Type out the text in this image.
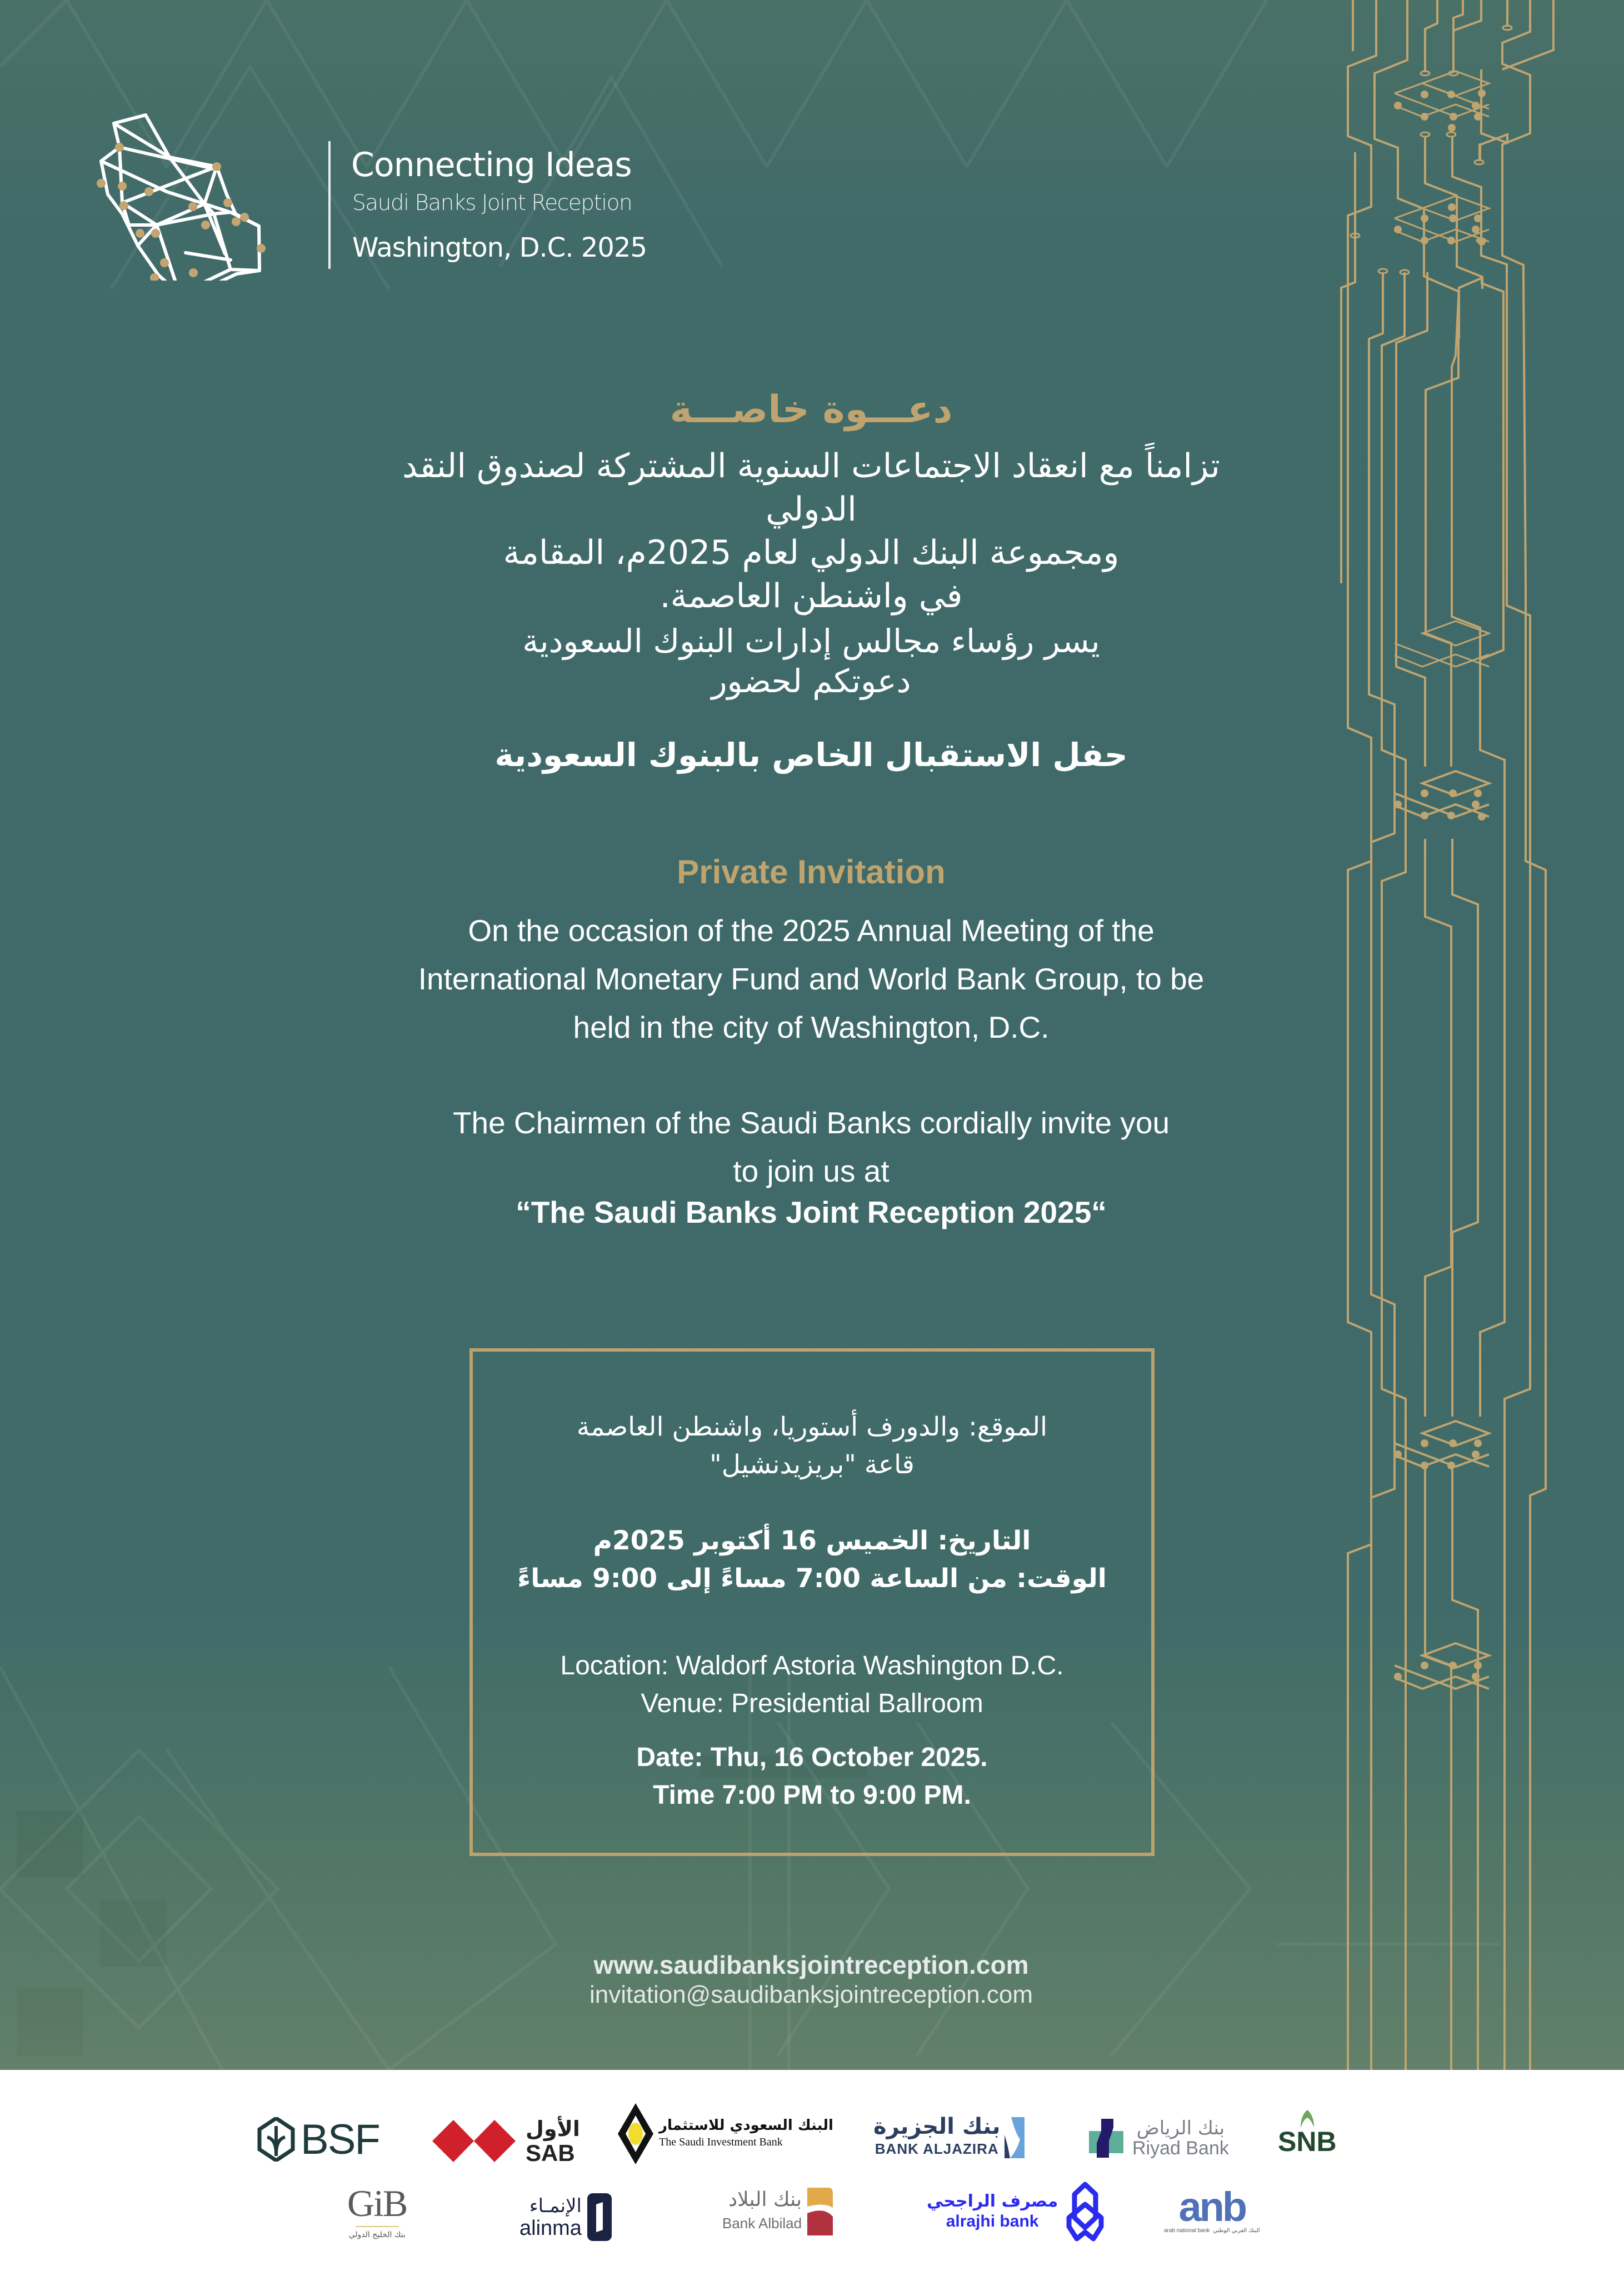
Connecting Ideas
Saudi Banks Joint Reception
Washington, D.C. 2025
دعـــوة خاصـــة
تزامناً مع انعقاد الاجتماعات السنوية المشتركة لصندوق النقد الدولي
ومجموعة البنك الدولي لعام 2025م، المقامة
في واشنطن العاصمة.
يسر رؤساء مجالس إدارات البنوك السعودية
دعوتكم لحضور
حفل الاستقبال الخاص بالبنوك السعودية
Private Invitation
On the occasion of the 2025 Annual Meeting of the
International Monetary Fund and World Bank Group, to be
held in the city of Washington, D.C.
The Chairmen of the Saudi Banks cordially invite you
to join us at
“The Saudi Banks Joint Reception 2025“
الموقع: والدورف أستوريا، واشنطن العاصمة
قاعة "بريزيدنشيل"
التاريخ: الخميس 16 أكتوبر 2025م
الوقت: من الساعة 7:00 مساءً إلى 9:00 مساءً
Location: Waldorf Astoria Washington D.C.
Venue: Presidential Ballroom
Date: Thu, 16 October 2025.
Time 7:00 PM to 9:00 PM.
www.saudibanksjointreception.com
invitation@saudibanksjointreception.com
BSF	الأول
SAB
البنك السعودي للاستثمار
The Saudi Investment Bank
بنك الجزيرة
BANK ALJAZIRA
بنك الرياض
Riyad Bank SNB
GiB
بنك الخليج الدولي
الإنمـاء
alinma
بنك البلاد
Bank Albilad
مصرف الراجحي
alrajhi bank	anb
arab national bank البنك العربي الوطني
